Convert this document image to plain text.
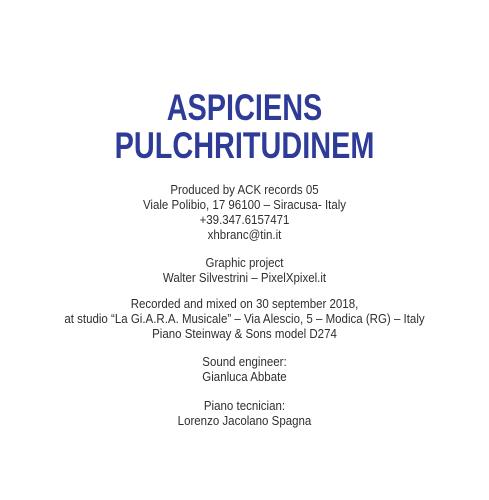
ASPICIENS
PULCHRITUDINEM
Produced by ACK records 05
Viale Polibio, 17 96100 – Siracusa- Italy
+39.347.6157471
xhbranc@tin.it
Graphic project
Walter Silvestrini – PixelXpixel.it
Recorded and mixed on 30 september 2018,
at studio “La Gi.A.R.A. Musicale” – Via Alescio, 5 – Modica (RG) – Italy
Piano Steinway & Sons model D274
Sound engineer:
Gianluca Abbate
Piano tecnician:
Lorenzo Jacolano Spagna
